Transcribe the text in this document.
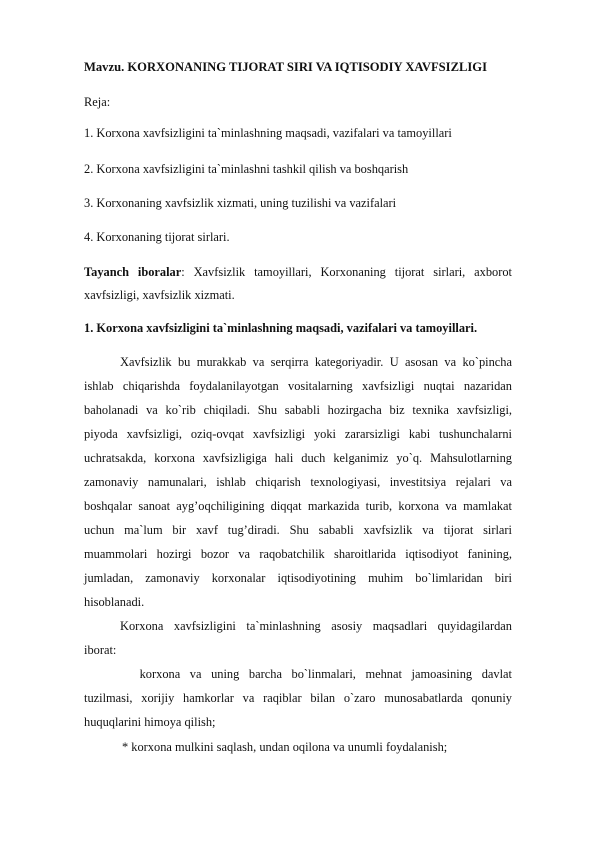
Mavzu. KORXONANING TIJORAT SIRI VA IQTISODIY XAVFSIZLIGI
Reja:
1. Korxona xavfsizligini ta`minlashning maqsadi, vazifalari va tamoyillari
2. Korxona xavfsizligini ta`minlashni tashkil qilish va boshqarish
3. Korxonaning xavfsizlik xizmati, uning tuzilishi va vazifalari
4. Korxonaning tijorat sirlari.
Tayanch iboralar: Xavfsizlik tamoyillari, Korxonaning tijorat sirlari, axborot
xavfsizligi, xavfsizlik xizmati.
1. Korxona xavfsizligini ta`minlashning maqsadi, vazifalari va tamoyillari.
Xavfsizlik bu murakkab va serqirra kategoriyadir. U asosan va ko`pincha
ishlab chiqarishda foydalanilayotgan vositalarning xavfsizligi nuqtai nazaridan
baholanadi va ko`rib chiqiladi. Shu sababli hozirgacha biz texnika xavfsizligi,
piyoda xavfsizligi, oziq-ovqat xavfsizligi yoki zararsizligi kabi tushunchalarni
uchratsakda, korxona xavfsizligiga hali duch kelganimiz yo`q. Mahsulotlarning
zamonaviy namunalari, ishlab chiqarish texnologiyasi, investitsiya rejalari va
boshqalar sanoat ayg’oqchiligining diqqat markazida turib, korxona va mamlakat
uchun ma`lum bir xavf tug’diradi. Shu sababli xavfsizlik va tijorat sirlari
muammolari hozirgi bozor va raqobatchilik sharoitlarida iqtisodiyot fanining,
jumladan, zamonaviy korxonalar iqtisodiyotining muhim bo`limlaridan biri
hisoblanadi.
Korxona xavfsizligini ta`minlashning asosiy maqsadlari quyidagilardan
iborat:
korxona va uning barcha bo`linmalari, mehnat jamoasining davlat
tuzilmasi, xorijiy hamkorlar va raqiblar bilan o`zaro munosabatlarda qonuniy
huquqlarini himoya qilish;
* korxona mulkini saqlash, undan oqilona va unumli foydalanish;
